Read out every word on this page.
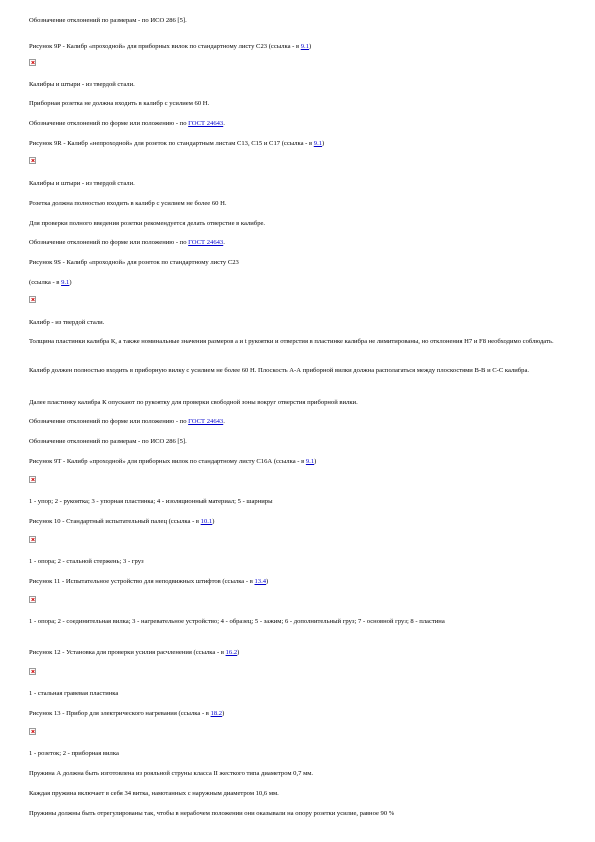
Обозначение отклонений по размерам - по ИСО 286 [5].
Рисунок 9Р - Калибр «проходной» для приборных вилок по стандартному листу С23 (ссылка - в 9.1)
Калибры и штыри - из твердой стали.
Приборная розетка не должна входить в калибр с усилием 60 Н.
Обозначение отклонений по форме или положению - по ГОСТ 24643.
Рисунок 9R - Калибр «непроходной» для розеток по стандартным листам С13, С15 и С17 (ссылка - в 9.1)
Калибры и штыри - из твердой стали.
Розетка должна полностью входить в калибр с усилием не более 60 Н.
Для проверки полного введения розетки рекомендуется делать отверстие в калибре.
Обозначение отклонений по форме или положению - по ГОСТ 24643.
Рисунок 9S - Калибр «проходной» для розеток по стандартному листу С23
(ссылка - в 9.1)
Калибр - из твердой стали.
Толщина пластинки калибра К, а также номинальные значения размеров а и t рукоятки и отверстия в пластинке калибра не лимитированы, но отклонения Н7 и F8 необходимо соблюдать.
Калибр должен полностью входить в приборную вилку с усилием не более 60 Н. Плоскость А-А приборной вилки должна располагаться между плоскостями В-В и С-С калибра.
Далее пластинку калибра К опускают по рукоятку для проверки свободной зоны вокруг отверстия приборной вилки.
Обозначение отклонений по форме или положению - по ГОСТ 24643.
Обозначение отклонений по размерам - по ИСО 286 [5].
Рисунок 9Т - Калибр «проходной» для приборных вилок по стандартному листу С16А (ссылка - в 9.1)
1 - упор; 2 - рукоятка; 3 - упорная пластинка; 4 - изоляционный материал; 5 - шарниры
Рисунок 10 - Стандартный испытательный палец (ссылка - в 10.1)
1 - опора; 2 - стальной стержень; 3 - груз
Рисунок 11 - Испытательное устройство для неподвижных штифтов (ссылка - в 13.4)
1 - опора; 2 - соединительная вилка; 3 - нагревательное устройство; 4 - образец; 5 - зажим; 6 - дополнительный груз; 7 - основной груз; 8 - пластина
Рисунок 12 - Установка для проверки усилия расчленения (ссылка - в 16.2)
1 - стальная гравевая пластинка
Рисунок 13 - Прибор для электрического нагревания (ссылка - в 18.2)
1 - розеток; 2 - приборная вилка
Пружина А должна быть изготовлена из рояльной струны класса II жесткого типа диаметром 0,7 мм.
Каждая пружина включает в себя 34 витка, намотанных с наружным диаметром 10,6 мм.
Пружины должны быть отрегулированы так, чтобы в нерабочем положении они оказывали на опору розетки усилие, равное 90 %
